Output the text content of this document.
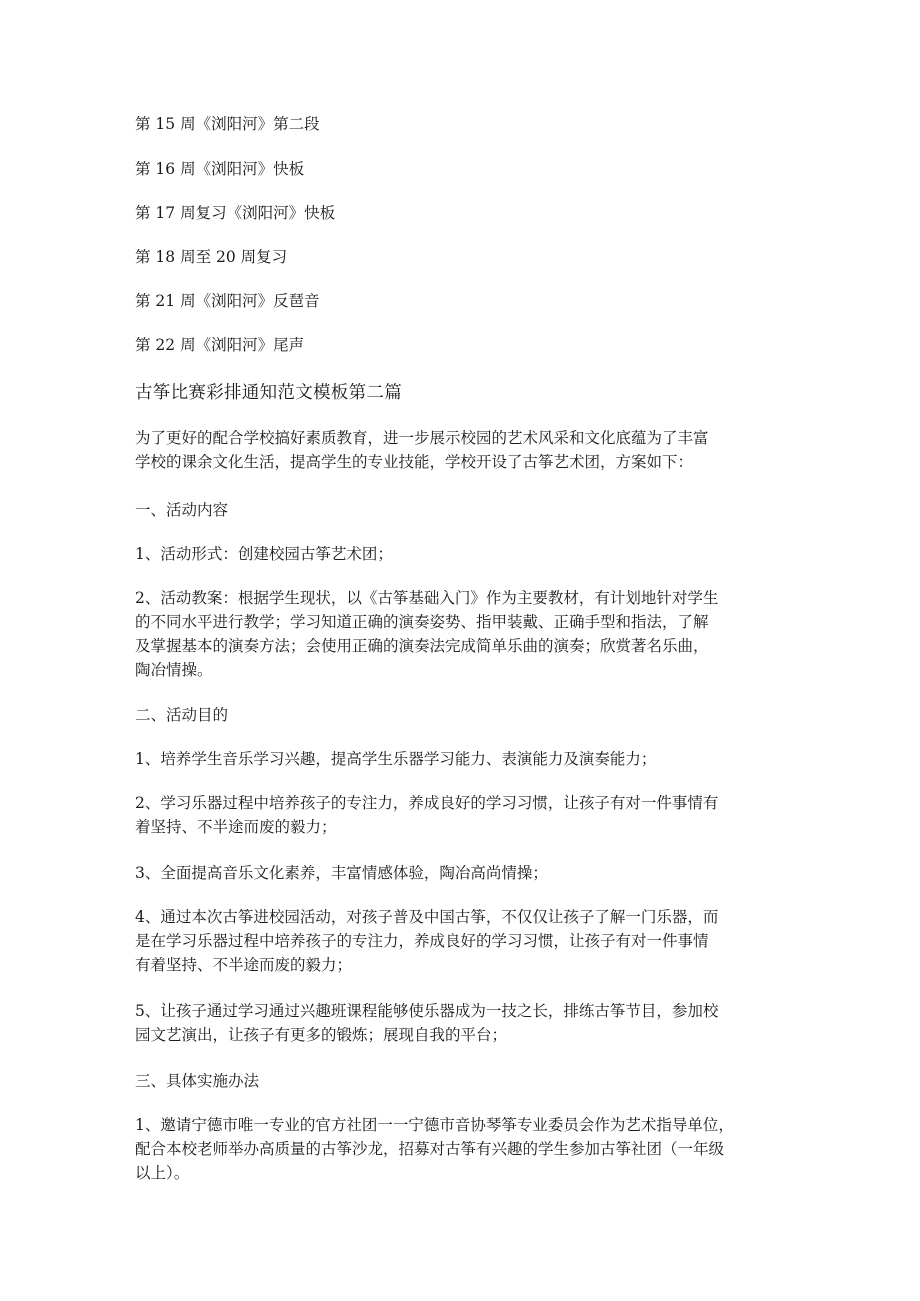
第 15 周《浏阳河》第二段
第 16 周《浏阳河》快板
第 17 周复习《浏阳河》快板
第 18 周至 20 周复习
第 21 周《浏阳河》反琶音
第 22 周《浏阳河》尾声
古筝比赛彩排通知范文模板第二篇
为了更好的配合学校搞好素质教育，进一步展示校园的艺术风采和文化底蕴为了丰富
学校的课余文化生活，提高学生的专业技能，学校开设了古筝艺术团，方案如下：
一、活动内容
1、活动形式：创建校园古筝艺术团；
2、活动教案：根据学生现状，以《古筝基础入门》作为主要教材，有计划地针对学生
的不同水平进行教学；学习知道正确的演奏姿势、指甲装戴、正确手型和指法，了解
及掌握基本的演奏方法；会使用正确的演奏法完成简单乐曲的演奏；欣赏著名乐曲，
陶冶情操。
二、活动目的
1、培养学生音乐学习兴趣，提高学生乐器学习能力、表演能力及演奏能力；
2、学习乐器过程中培养孩子的专注力，养成良好的学习习惯，让孩子有对一件事情有
着坚持、不半途而废的毅力；
3、全面提高音乐文化素养，丰富情感体验，陶冶高尚情操；
4、通过本次古筝进校园活动，对孩子普及中国古筝，不仅仅让孩子了解一门乐器，而
是在学习乐器过程中培养孩子的专注力，养成良好的学习习惯，让孩子有对一件事情
有着坚持、不半途而废的毅力；
5、让孩子通过学习通过兴趣班课程能够使乐器成为一技之长，排练古筝节目，参加校
园文艺演出，让孩子有更多的锻炼；展现自我的平台；
三、具体实施办法
1、邀请宁德市唯一专业的官方社团一一宁德市音协琴筝专业委员会作为艺术指导单位，
配合本校老师举办高质量的古筝沙龙，招募对古筝有兴趣的学生参加古筝社团（一年级
以上）。
